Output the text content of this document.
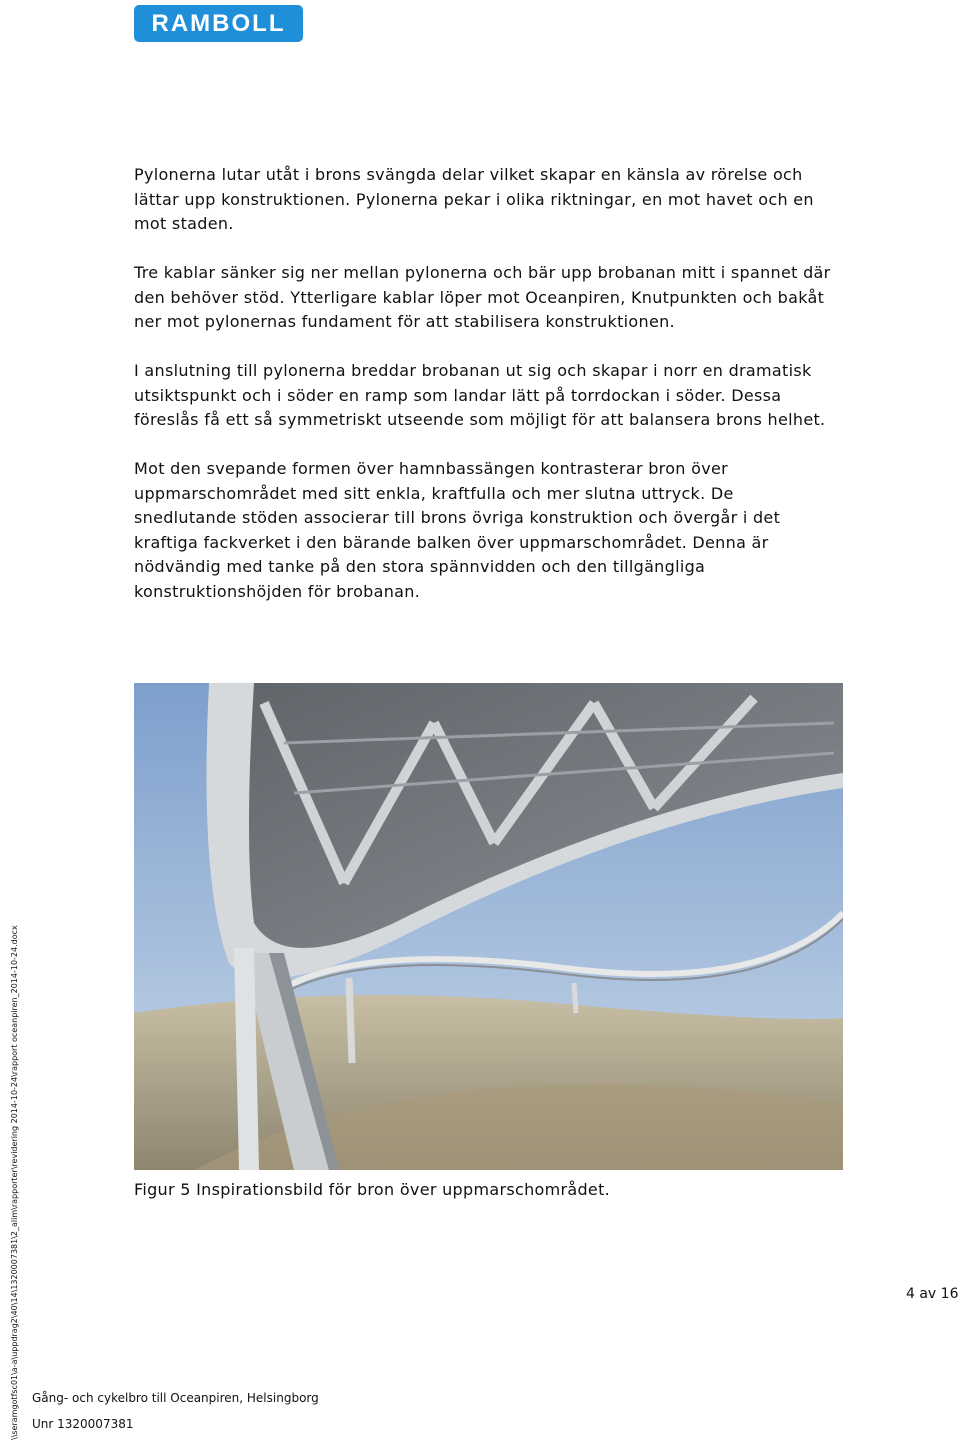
RAMBOLL

Pylonerna lutar utåt i brons svängda delar vilket skapar en känsla av rörelse och lättar upp konstruktionen. Pylonerna pekar i olika riktningar, en mot havet och en mot staden.

Tre kablar sänker sig ner mellan pylonerna och bär upp brobanan mitt i spannet där den behöver stöd. Ytterligare kablar löper mot Oceanpiren, Knutpunkten och bakåt ner mot pylonernas fundament för att stabilisera konstruktionen.

I anslutning till pylonerna breddar brobanan ut sig och skapar i norr en dramatisk utsiktspunkt och i söder en ramp som landar lätt på torrdockan i söder. Dessa föreslås få ett så symmetriskt utseende som möjligt för att balansera brons helhet.

Mot den svepande formen över hamnbassängen kontrasterar bron över uppmarschområdet med sitt enkla, kraftfulla och mer slutna uttryck. De snedlutande stöden associerar till brons övriga konstruktion och övergår i det kraftiga fackverket i den bärande balken över uppmarschområdet. Denna är nödvändig med tanke på den stora spännvidden och den tillgängliga konstruktionshöjden för brobanan.

Figur 5 Inspirationsbild för bron över uppmarschområdet.
4 av 16
Gång- och cykelbro till Oceanpiren, Helsingborg
Unr 1320007381
\\seramgotfsc01\a-a\uppdrag2\40\14\1320007381\2_alim\rapporter\revidering 2014-10-24\rapport oceanpiren_2014-10-24.docx
